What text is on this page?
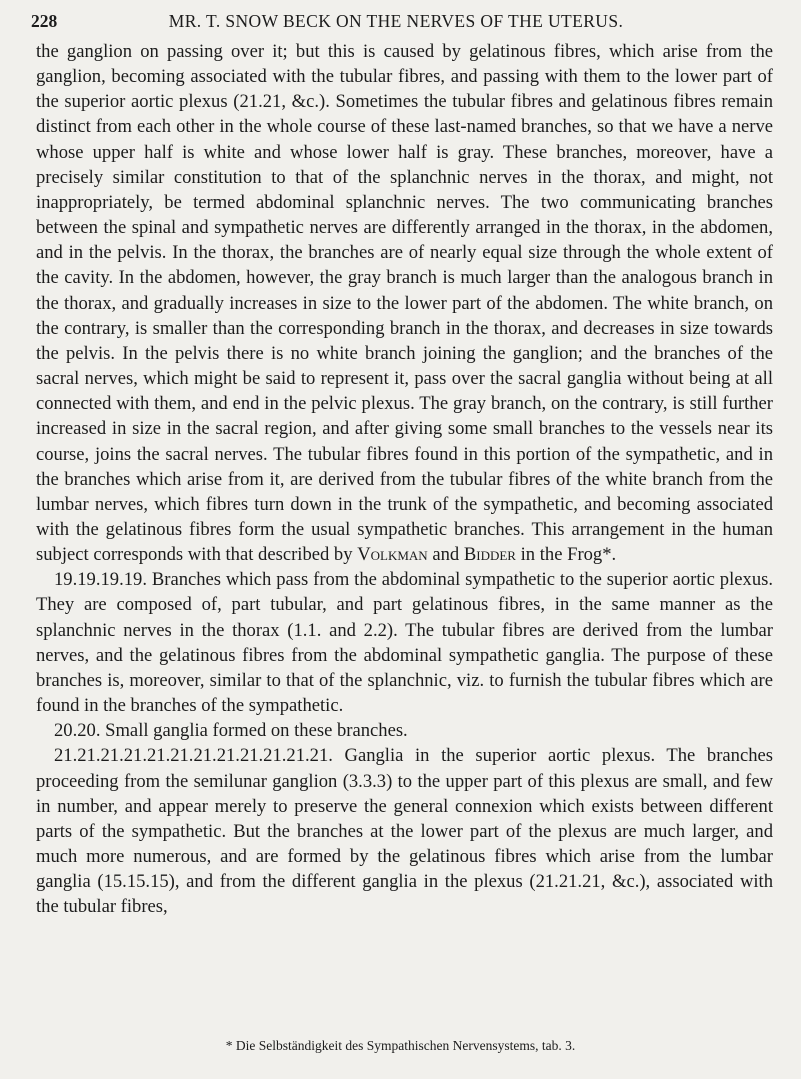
228	MR. T. SNOW BECK ON THE NERVES OF THE UTERUS.

the ganglion on passing over it; but this is caused by gelatinous fibres, which arise from the ganglion, becoming associated with the tubular fibres, and passing with them to the lower part of the superior aortic plexus (21.21, &c.). Sometimes the tubular fibres and gelatinous fibres remain distinct from each other in the whole course of these last-named branches, so that we have a nerve whose upper half is white and whose lower half is gray. These branches, moreover, have a precisely similar constitution to that of the splanchnic nerves in the thorax, and might, not inappropriately, be termed abdominal splanchnic nerves. The two communicating branches between the spinal and sympathetic nerves are differently arranged in the thorax, in the abdomen, and in the pelvis. In the thorax, the branches are of nearly equal size through the whole extent of the cavity. In the abdomen, however, the gray branch is much larger than the analogous branch in the thorax, and gradually increases in size to the lower part of the abdomen. The white branch, on the contrary, is smaller than the corresponding branch in the thorax, and decreases in size towards the pelvis. In the pelvis there is no white branch joining the ganglion; and the branches of the sacral nerves, which might be said to represent it, pass over the sacral ganglia without being at all connected with them, and end in the pelvic plexus. The gray branch, on the contrary, is still further increased in size in the sacral region, and after giving some small branches to the vessels near its course, joins the sacral nerves. The tubular fibres found in this portion of the sympathetic, and in the branches which arise from it, are derived from the tubular fibres of the white branch from the lumbar nerves, which fibres turn down in the trunk of the sympathetic, and becoming associated with the gelatinous fibres form the usual sympathetic branches. This arrangement in the human subject corresponds with that described by Volkman and Bidder in the Frog*.

19.19.19.19. Branches which pass from the abdominal sympathetic to the superior aortic plexus. They are composed of, part tubular, and part gelatinous fibres, in the same manner as the splanchnic nerves in the thorax (1.1. and 2.2). The tubular fibres are derived from the lumbar nerves, and the gelatinous fibres from the abdominal sympathetic ganglia. The purpose of these branches is, moreover, similar to that of the splanchnic, viz. to furnish the tubular fibres which are found in the branches of the sympathetic.

20.20. Small ganglia formed on these branches.

21.21.21.21.21.21.21.21.21.21.21.21. Ganglia in the superior aortic plexus. The branches proceeding from the semilunar ganglion (3.3.3) to the upper part of this plexus are small, and few in number, and appear merely to preserve the general connexion which exists between different parts of the sympathetic. But the branches at the lower part of the plexus are much larger, and much more numerous, and are formed by the gelatinous fibres which arise from the lumbar ganglia (15.15.15), and from the different ganglia in the plexus (21.21.21, &c.), associated with the tubular fibres,

* Die Selbständigkeit des Sympathischen Nervensystems, tab. 3.
